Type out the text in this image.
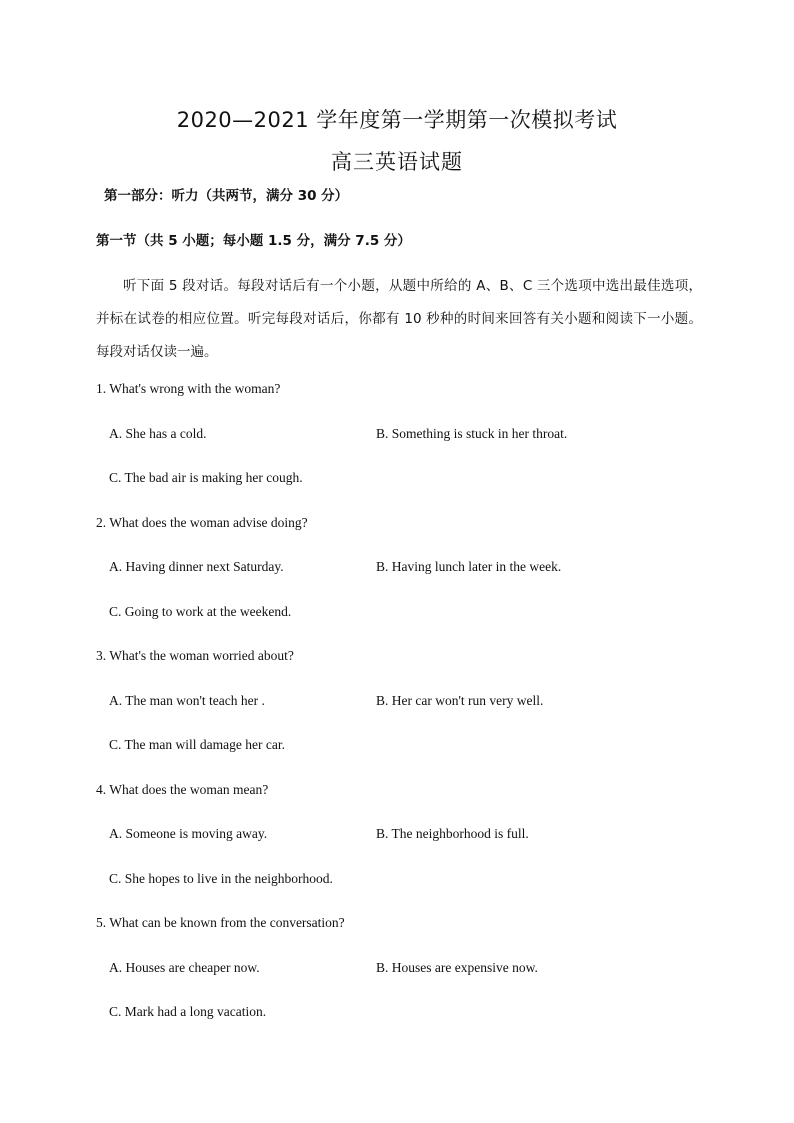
2020—2021 学年度第一学期第一次模拟考试
高三英语试题
第一部分：听力（共两节，满分 30 分）
第一节（共 5 小题；每小题 1.5 分，满分 7.5 分）
听下面 5 段对话。每段对话后有一个小题，从题中所给的 A、B、C 三个选项中选出最佳选项，并标在试卷的相应位置。听完每段对话后，你都有 10 秒种的时间来回答有关小题和阅读下一小题。每段对话仅读一遍。
1. What's wrong with the woman?
A. She has a cold.	B. Something is stuck in her throat.
C. The bad air is making her cough.
2. What does the woman advise doing?
A. Having dinner next Saturday.	B. Having lunch later in the week.
C. Going to work at the weekend.
3. What's the woman worried about?
A. The man won't teach her .	B. Her car won't run very well.
C. The man will damage her car.
4. What does the woman mean?
A. Someone is moving away.	B. The neighborhood is full.
C. She hopes to live in the neighborhood.
5. What can be known from the conversation?
A. Houses are cheaper now.	B. Houses are expensive now.
C. Mark had a long vacation.
